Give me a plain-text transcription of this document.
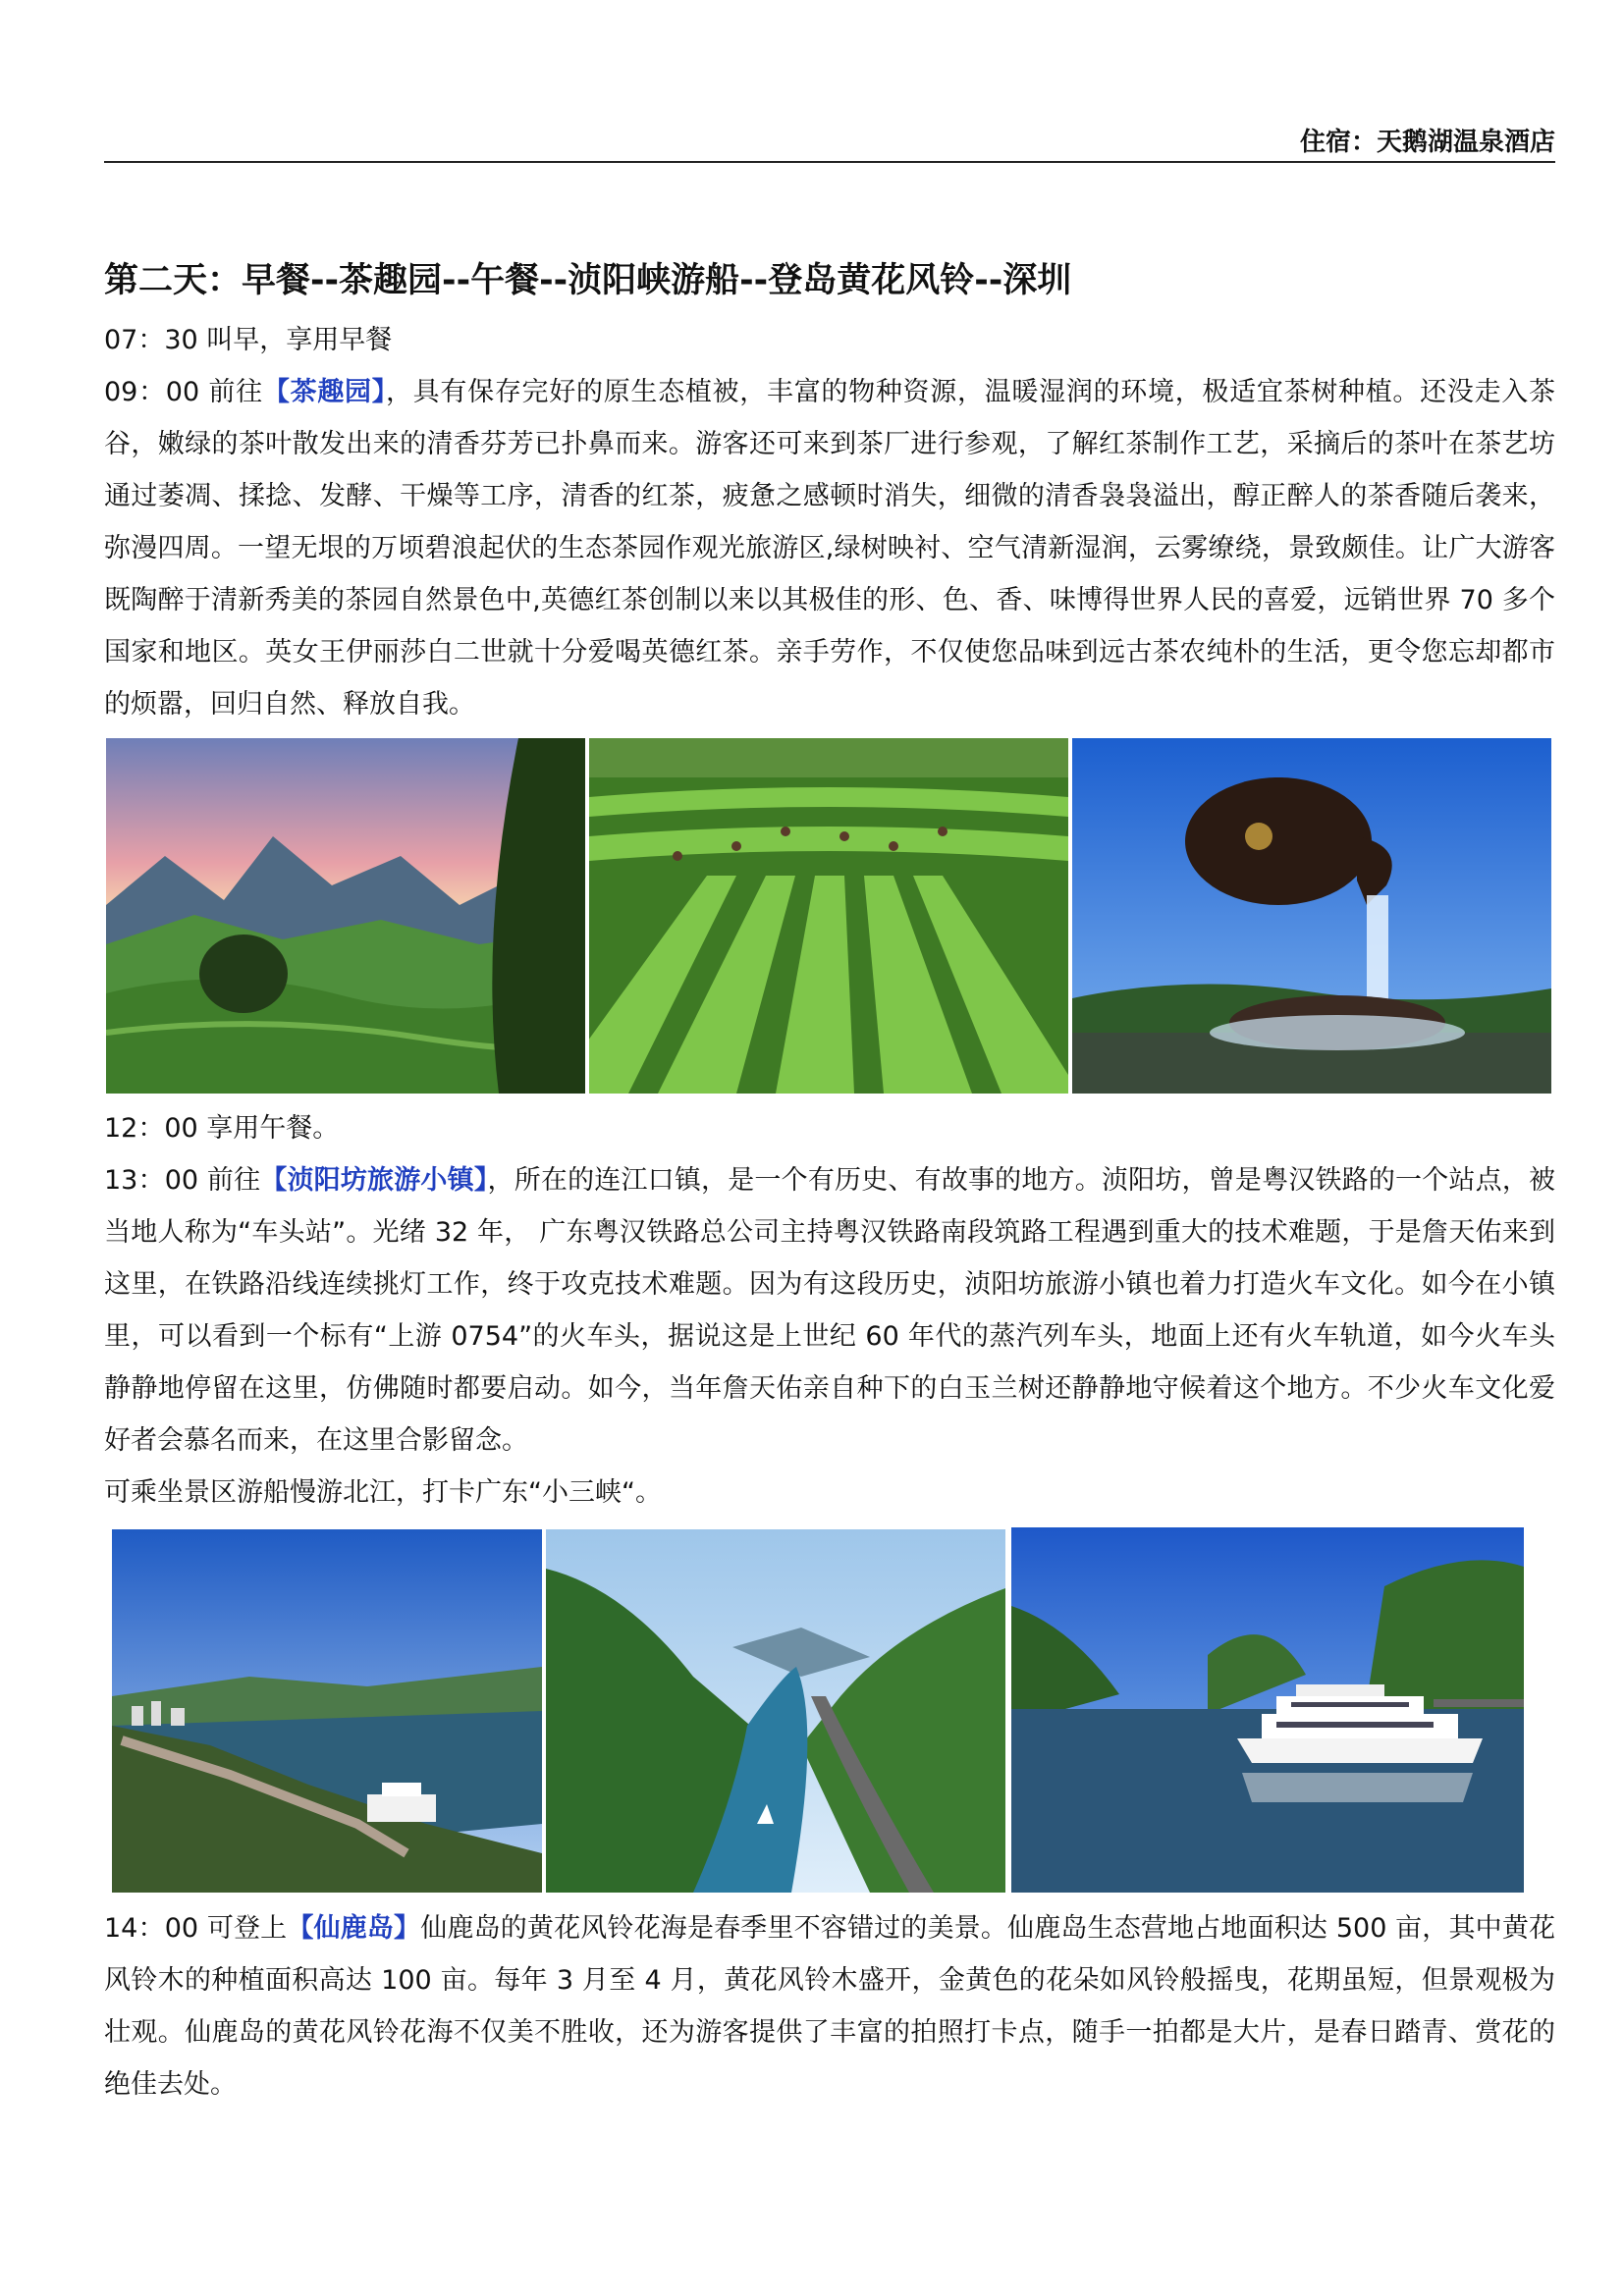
住宿：天鹅湖温泉酒店
第二天：早餐--茶趣园--午餐--浈阳峡游船--登岛黄花风铃--深圳

07：30 叫早，享用早餐

09：00 前往【茶趣园】，具有保存完好的原生态植被，丰富的物种资源，温暖湿润的环境，极适宜茶树种植。还没走入茶谷，嫩绿的茶叶散发出来的清香芬芳已扑鼻而来。游客还可来到茶厂进行参观，了解红茶制作工艺，采摘后的茶叶在茶艺坊通过萎凋、揉捻、发酵、干燥等工序，清香的红茶，疲惫之感顿时消失，细微的清香袅袅溢出，醇正醉人的茶香随后袭来，弥漫四周。一望无垠的万顷碧浪起伏的生态茶园作观光旅游区,绿树映衬、空气清新湿润，云雾缭绕，景致颇佳。让广大游客既陶醉于清新秀美的茶园自然景色中,英德红茶创制以来以其极佳的形、色、香、味博得世界人民的喜爱，远销世界 70 多个国家和地区。英女王伊丽莎白二世就十分爱喝英德红茶。亲手劳作，不仅使您品味到远古茶农纯朴的生活，更令您忘却都市的烦嚣，回归自然、释放自我。

12：00 享用午餐。

13：00 前往【浈阳坊旅游小镇】，所在的连江口镇，是一个有历史、有故事的地方。浈阳坊，曾是粤汉铁路的一个站点，被当地人称为“车头站”。光绪 32 年， 广东粤汉铁路总公司主持粤汉铁路南段筑路工程遇到重大的技术难题，于是詹天佑来到这里，在铁路沿线连续挑灯工作，终于攻克技术难题。因为有这段历史，浈阳坊旅游小镇也着力打造火车文化。如今在小镇里，可以看到一个标有“上游 0754”的火车头，据说这是上世纪 60 年代的蒸汽列车头，地面上还有火车轨道，如今火车头静静地停留在这里，仿佛随时都要启动。如今，当年詹天佑亲自种下的白玉兰树还静静地守候着这个地方。不少火车文化爱好者会慕名而来，在这里合影留念。

可乘坐景区游船慢游北江，打卡广东“小三峡“。

14：00 可登上【仙鹿岛】仙鹿岛的黄花风铃花海是春季里不容错过的美景。仙鹿岛生态营地占地面积达 500 亩，其中黄花风铃木的种植面积高达 100 亩。每年 3 月至 4 月，黄花风铃木盛开，金黄色的花朵如风铃般摇曳，花期虽短，但景观极为壮观。仙鹿岛的黄花风铃花海不仅美不胜收，还为游客提供了丰富的拍照打卡点，随手一拍都是大片，是春日踏青、赏花的绝佳去处。
